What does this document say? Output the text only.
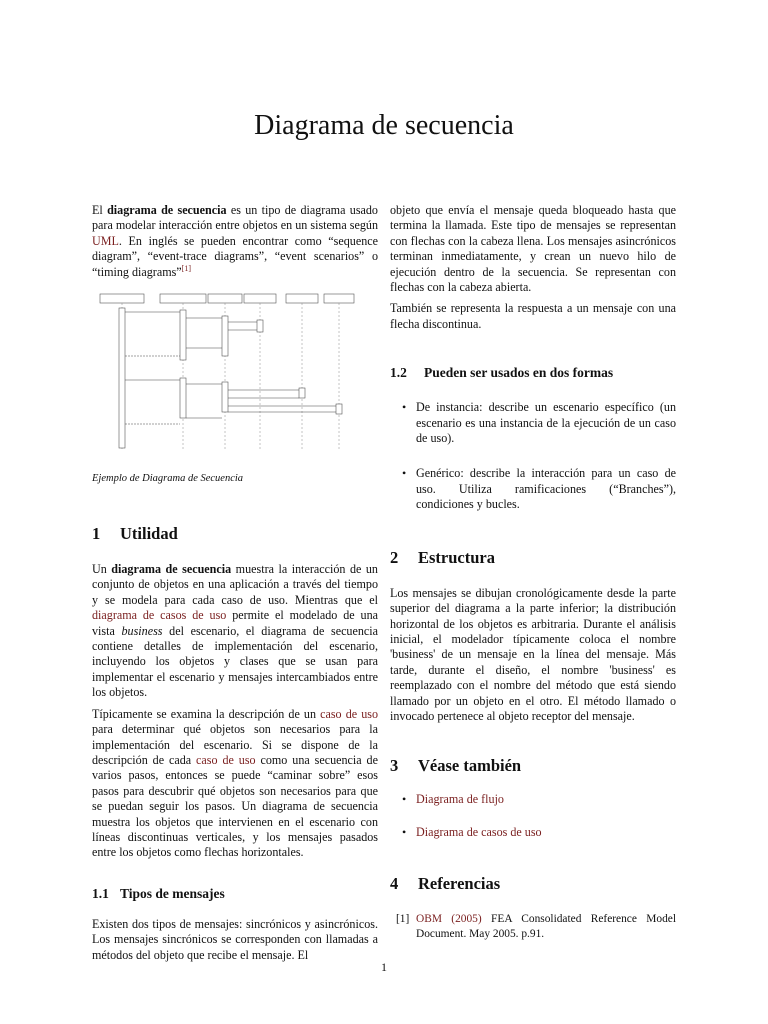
Diagrama de secuencia

El diagrama de secuencia es un tipo de diagrama usado para modelar interacción entre objetos en un sistema según UML. En inglés se pueden encontrar como “sequence diagram”, “event-trace diagrams”, “event scenarios” o “timing diagrams”[1]

Ejemplo de Diagrama de Secuencia
1 Utilidad

Un diagrama de secuencia muestra la interacción de un conjunto de objetos en una aplicación a través del tiempo y se modela para cada caso de uso. Mientras que el diagrama de casos de uso permite el modelado de una vista business del escenario, el diagrama de secuencia contiene detalles de implementación del escenario, incluyendo los objetos y clases que se usan para implementar el escenario y mensajes intercambiados entre los objetos.

Típicamente se examina la descripción de un caso de uso para determinar qué objetos son necesarios para la implementación del escenario. Si se dispone de la descripción de cada caso de uso como una secuencia de varios pasos, entonces se puede “caminar sobre” esos pasos para descubrir qué objetos son necesarios para que se puedan seguir los pasos. Un diagrama de secuencia muestra los objetos que intervienen en el escenario con líneas discontinuas verticales, y los mensajes pasados entre los objetos como flechas horizontales.

1.1 Tipos de mensajes

Existen dos tipos de mensajes: sincrónicos y asincrónicos. Los mensajes sincrónicos se corresponden con llamadas a métodos del objeto que recibe el mensaje. El

objeto que envía el mensaje queda bloqueado hasta que termina la llamada. Este tipo de mensajes se representan con flechas con la cabeza llena. Los mensajes asincrónicos terminan inmediatamente, y crean un nuevo hilo de ejecución dentro de la secuencia. Se representan con flechas con la cabeza abierta.

También se representa la respuesta a un mensaje con una flecha discontinua.

1.2 Pueden ser usados en dos formas
• De instancia: describe un escenario específico (un escenario es una instancia de la ejecución de un caso de uso).
• Genérico: describe la interacción para un caso de uso. Utiliza ramificaciones (“Branches”), condiciones y bucles.
2 Estructura

Los mensajes se dibujan cronológicamente desde la parte superior del diagrama a la parte inferior; la distribución horizontal de los objetos es arbitraria. Durante el análisis inicial, el modelador típicamente coloca el nombre 'business' de un mensaje en la línea del mensaje. Más tarde, durante el diseño, el nombre 'business' es reemplazado con el nombre del método que está siendo llamado por un objeto en el otro. El método llamado o invocado pertenece al objeto receptor del mensaje.

3 Véase también
• Diagrama de flujo
• Diagrama de casos de uso
4 Referencias
[1] OBM (2005) FEA Consolidated Reference Model Document. May 2005. p.91.
1
